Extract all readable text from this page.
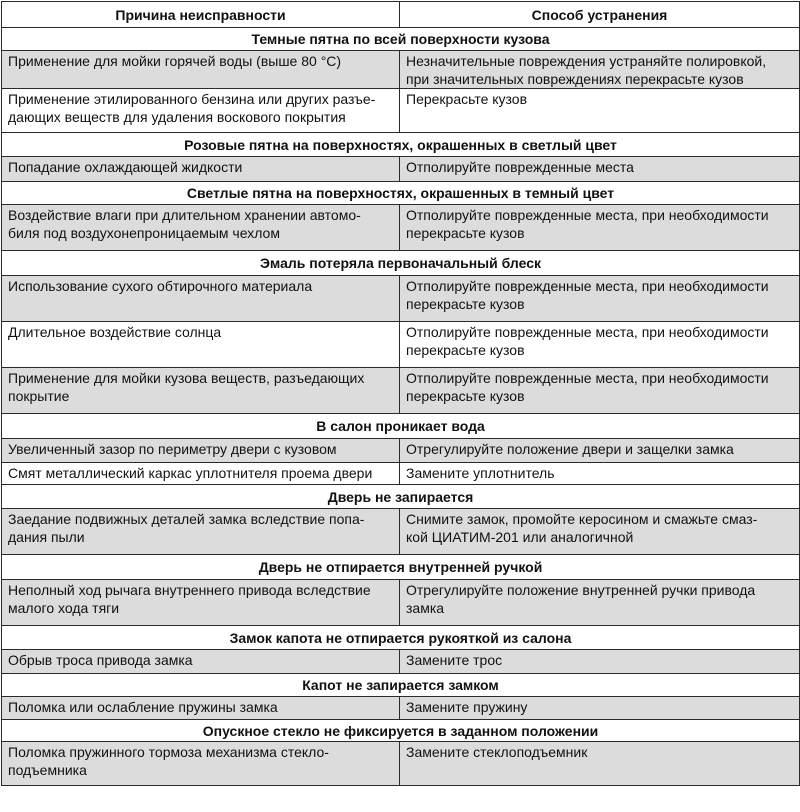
Причина неисправности	Способ устранения
Темные пятна по всей поверхности кузова	
Применение для мойки горячей воды (выше 80 °С)	Незначительные повреждения устраняйте полировкой,
при значительных повреждениях перекрасьте кузов
Применение этилированного бензина или других разъе-
дающих веществ для удаления воскового покрытия	Перекрасьте кузов
Розовые пятна на поверхностях, окрашенных в светлый цвет	
Попадание охлаждающей жидкости	Отполируйте поврежденные места
Светлые пятна на поверхностях, окрашенных в темный цвет	
Воздействие влаги при длительном хранении автомо-
биля под воздухонепроницаемым чехлом	Отполируйте поврежденные места, при необходимости
перекрасьте кузов
Эмаль потеряла первоначальный блеск	
Использование сухого обтирочного материала	Отполируйте поврежденные места, при необходимости
перекрасьте кузов
Длительное воздействие солнца	Отполируйте поврежденные места, при необходимости
перекрасьте кузов
Применение для мойки кузова веществ, разъедающих
покрытие	Отполируйте поврежденные места, при необходимости
перекрасьте кузов
В салон проникает вода	
Увеличенный зазор по периметру двери с кузовом	Отрегулируйте положение двери и защелки замка
Смят металлический каркас уплотнителя проема двери	Замените уплотнитель
Дверь не запирается	
Заедание подвижных деталей замка вследствие попа-
дания пыли	Снимите замок, промойте керосином и смажьте смаз-
кой ЦИАТИМ-201 или аналогичной
Дверь не отпирается внутренней ручкой	
Неполный ход рычага внутреннего привода вследствие
малого хода тяги	Отрегулируйте положение внутренней ручки привода
замка
Замок капота не отпирается рукояткой из салона	
Обрыв троса привода замка	Замените трос
Капот не запирается замком	
Поломка или ослабление пружины замка	Замените пружину
Опускное стекло не фиксируется в заданном положении	
Поломка пружинного тормоза механизма стекло-
подъемника	Замените стеклоподъемник
